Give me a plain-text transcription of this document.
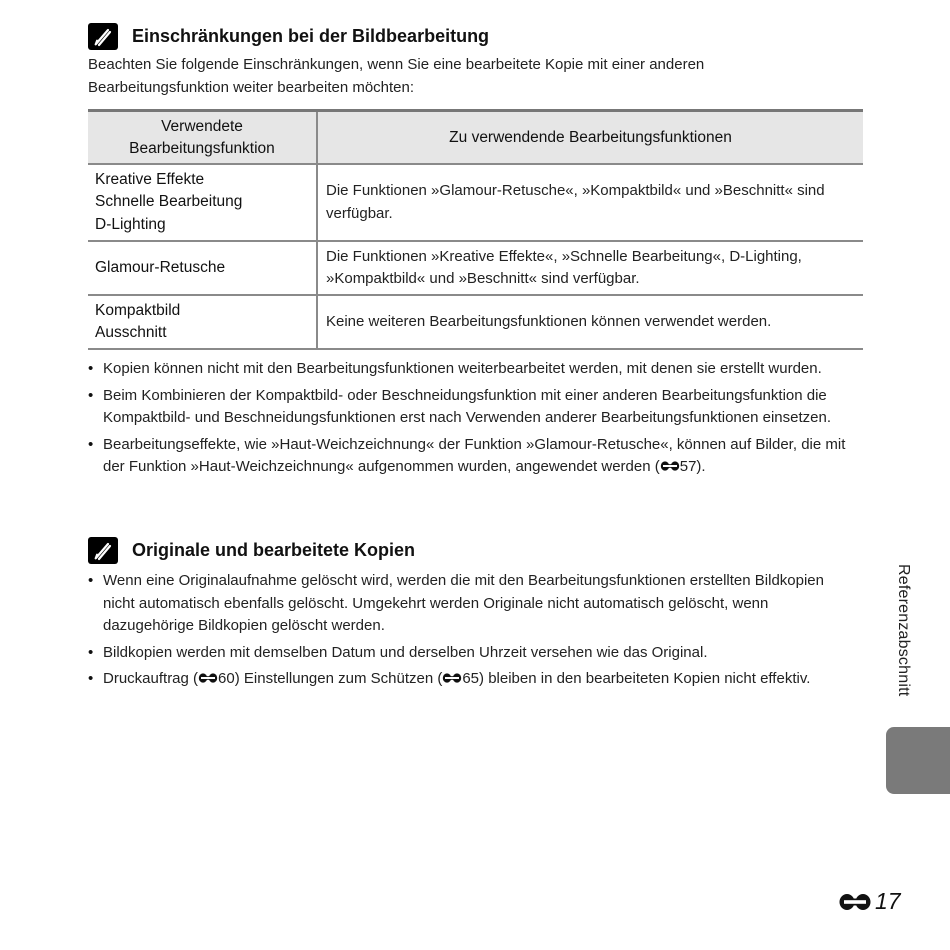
Einschränkungen bei der Bildbearbeitung
Beachten Sie folgende Einschränkungen, wenn Sie eine bearbeitete Kopie mit einer anderen Bearbeitungsfunktion weiter bearbeiten möchten:
Verwendete Bearbeitungsfunktion	Zu verwendende Bearbeitungsfunktionen
Kreative Effekte
Schnelle Bearbeitung
D-Lighting	Die Funktionen »Glamour-Retusche«, »Kompaktbild« und »Beschnitt« sind verfügbar.
Glamour-Retusche	Die Funktionen »Kreative Effekte«, »Schnelle Bearbeitung«, D-Lighting, »Kompaktbild« und »Beschnitt« sind verfügbar.
Kompaktbild
Ausschnitt	Keine weiteren Bearbeitungsfunktionen können verwendet werden.
• Kopien können nicht mit den Bearbeitungsfunktionen weiterbearbeitet werden, mit denen sie erstellt wurden.
• Beim Kombinieren der Kompaktbild- oder Beschneidungsfunktion mit einer anderen Bearbeitungsfunktion die Kompaktbild- und Beschneidungsfunktionen erst nach Verwenden anderer Bearbeitungsfunktionen einsetzen.
• Bearbeitungseffekte, wie »Haut-Weichzeichnung« der Funktion »Glamour-Retusche«, können auf Bilder, die mit der Funktion »Haut-Weichzeichnung« aufgenommen wurden, angewendet werden ( 57).
Originale und bearbeitete Kopien
• Wenn eine Originalaufnahme gelöscht wird, werden die mit den Bearbeitungsfunktionen erstellten Bildkopien nicht automatisch ebenfalls gelöscht. Umgekehrt werden Originale nicht automatisch gelöscht, wenn dazugehörige Bildkopien gelöscht werden.
• Bildkopien werden mit demselben Datum und derselben Uhrzeit versehen wie das Original.
• Druckauftrag ( 60) Einstellungen zum Schützen ( 65) bleiben in den bearbeiteten Kopien nicht effektiv.	Referenzabschnitt
17
